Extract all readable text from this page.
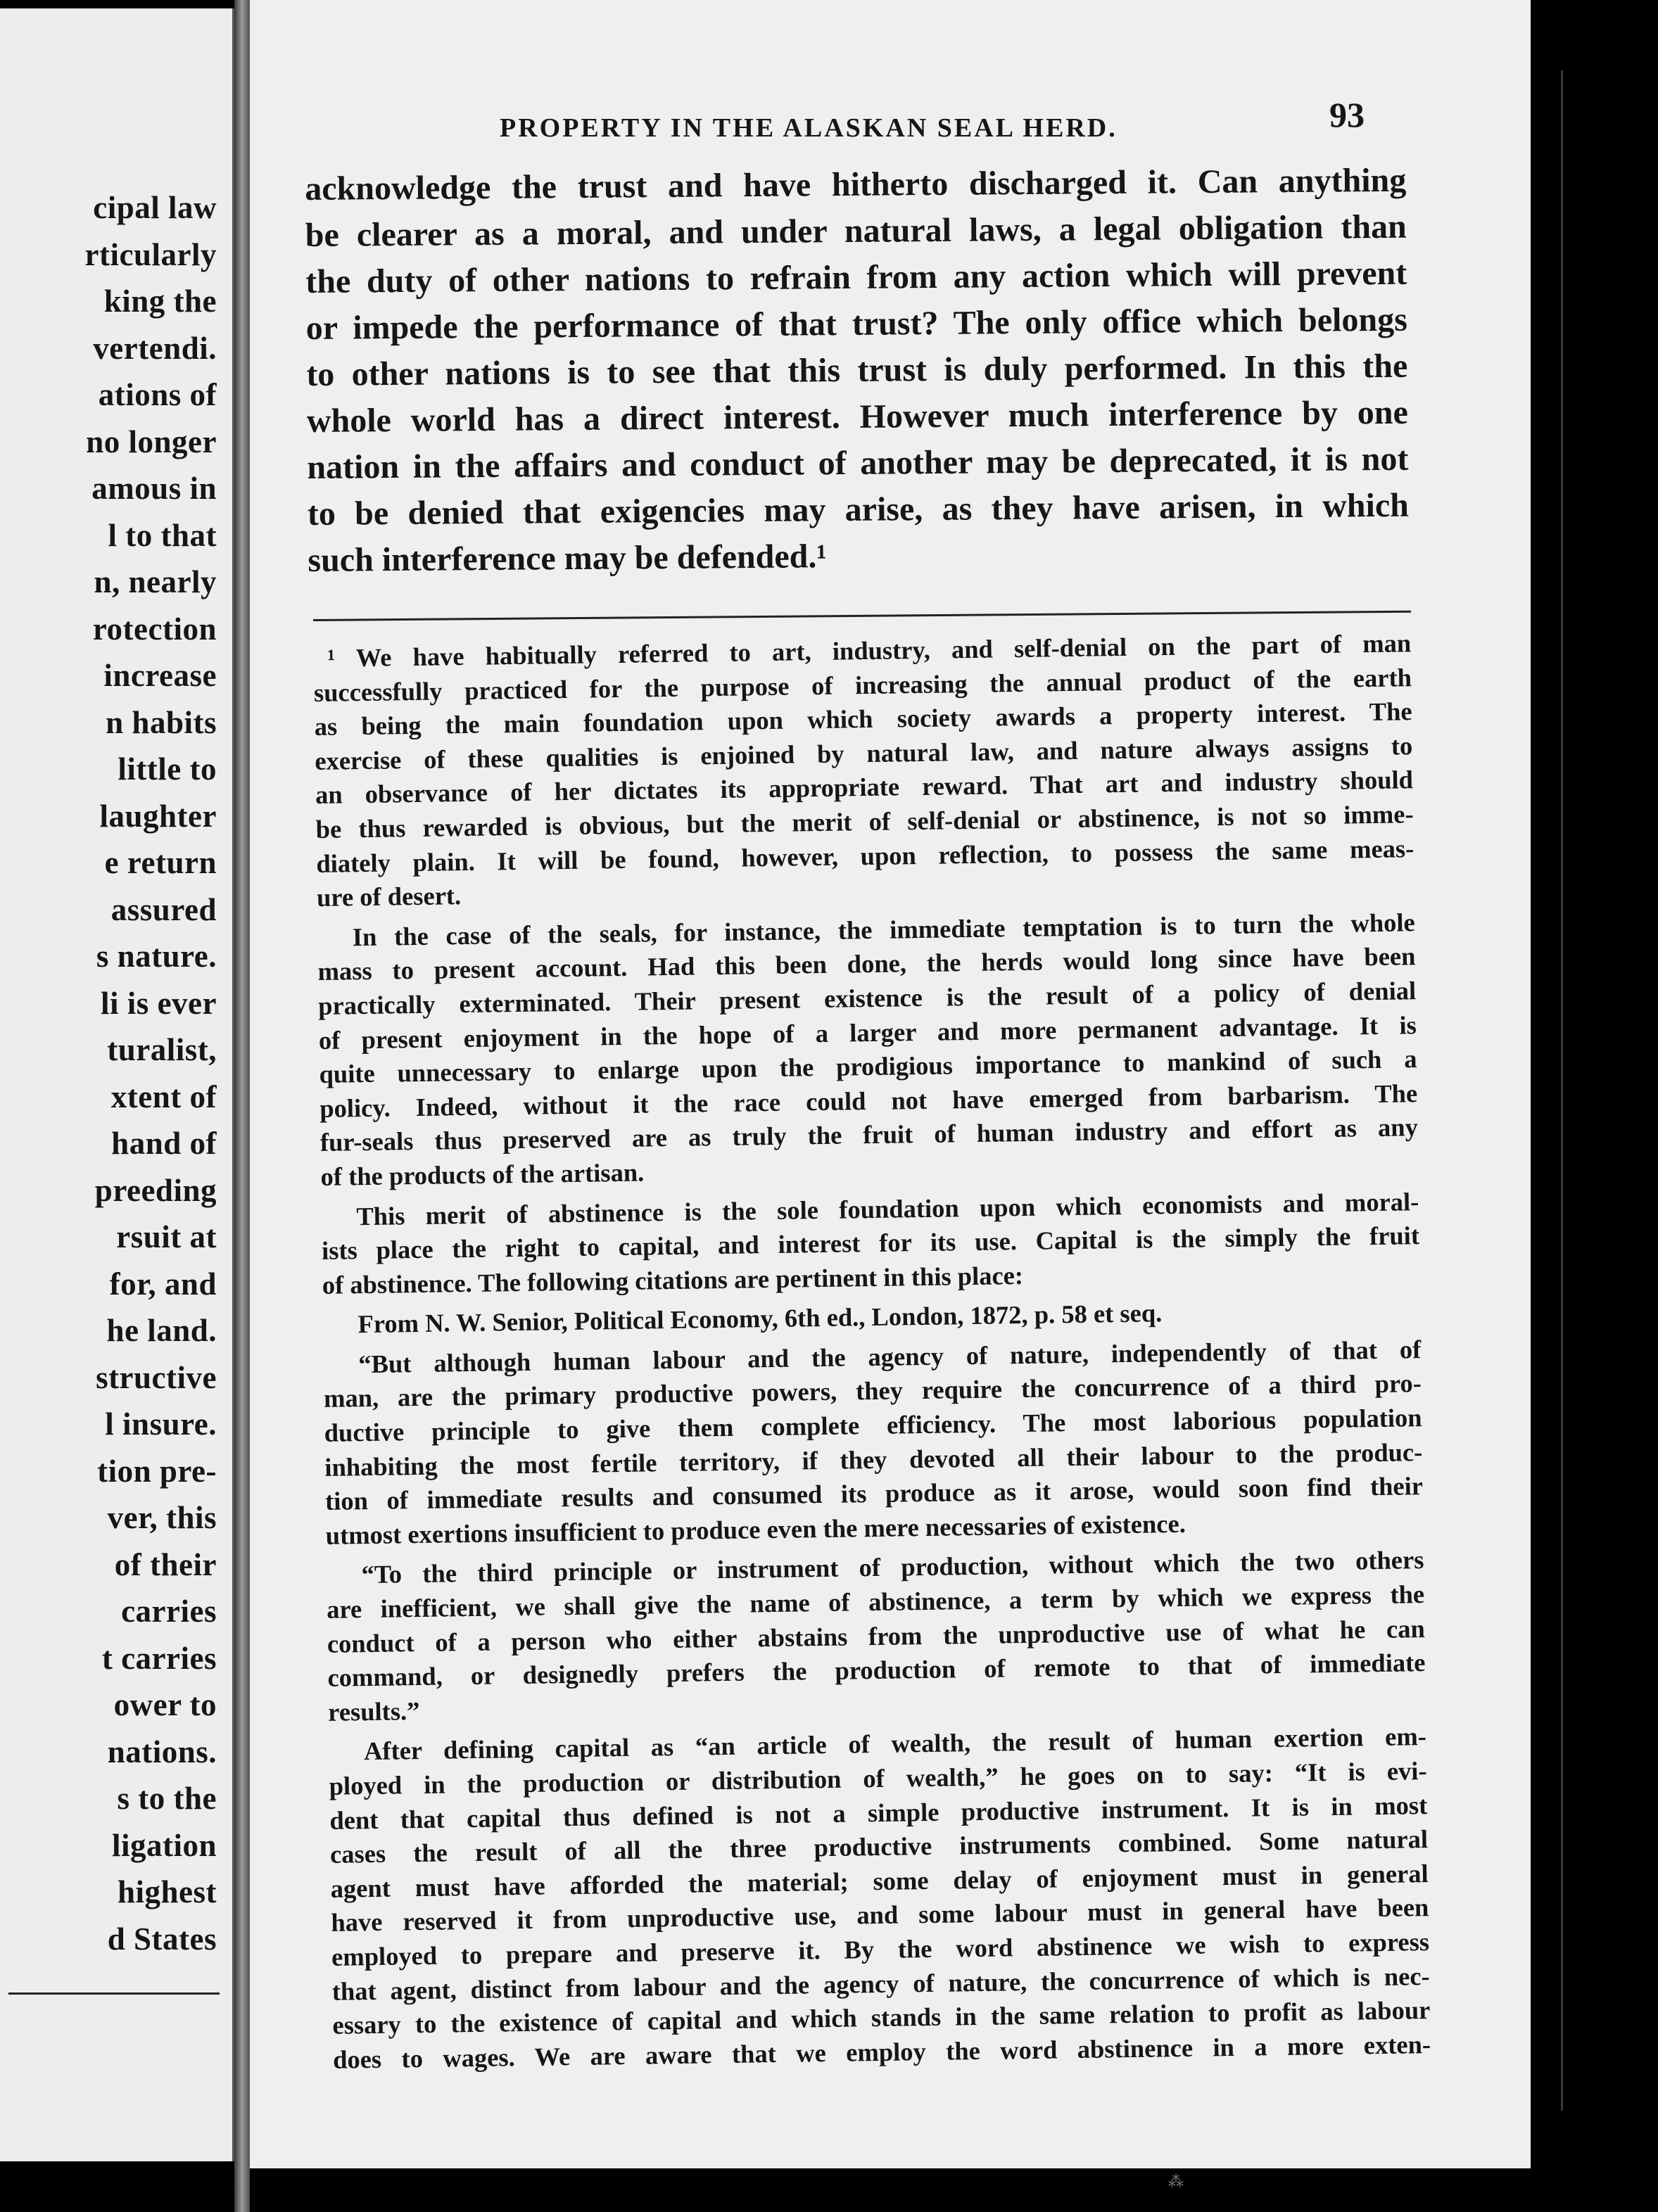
cipal law
rticularly
king the
vertendi.
ations of
no longer
amous in
l to that
n, nearly
rotection
increase
n habits
little to
laughter
e return
assured
s nature.
li is ever
turalist,
xtent of
hand of
preeding
rsuit at
for, and
he land.
structive
l insure.
tion pre-
ver, this
of their
carries
t carries
ower to
nations.
s to the
ligation
highest
d States
PROPERTY IN THE ALASKAN SEAL HERD.	93
acknowledge the trust and have hitherto discharged it. Can anything
be clearer as a moral, and under natural laws, a legal obligation than
the duty of other nations to refrain from any action which will prevent
or impede the performance of that trust? The only office which belongs
to other nations is to see that this trust is duly performed. In this the
whole world has a direct interest. However much interference by one
nation in the affairs and conduct of another may be deprecated, it is not
to be denied that exigencies may arise, as they have arisen, in which
such interference may be defended.¹
¹ We have habitually referred to art, industry, and self-denial on the part of man
successfully practiced for the purpose of increasing the annual product of the earth
as being the main foundation upon which society awards a property interest. The
exercise of these qualities is enjoined by natural law, and nature always assigns to
an observance of her dictates its appropriate reward. That art and industry should
be thus rewarded is obvious, but the merit of self-denial or abstinence, is not so imme-
diately plain. It will be found, however, upon reflection, to possess the same meas-
ure of desert.
In the case of the seals, for instance, the immediate temptation is to turn the whole
mass to present account. Had this been done, the herds would long since have been
practically exterminated. Their present existence is the result of a policy of denial
of present enjoyment in the hope of a larger and more permanent advantage. It is
quite unnecessary to enlarge upon the prodigious importance to mankind of such a
policy. Indeed, without it the race could not have emerged from barbarism. The
fur-seals thus preserved are as truly the fruit of human industry and effort as any
of the products of the artisan.
This merit of abstinence is the sole foundation upon which economists and moral-
ists place the right to capital, and interest for its use. Capital is the simply the fruit
of abstinence. The following citations are pertinent in this place:
From N. W. Senior, Political Economy, 6th ed., London, 1872, p. 58 et seq.
“But although human labour and the agency of nature, independently of that of
man, are the primary productive powers, they require the concurrence of a third pro-
ductive principle to give them complete efficiency. The most laborious population
inhabiting the most fertile territory, if they devoted all their labour to the produc-
tion of immediate results and consumed its produce as it arose, would soon find their
utmost exertions insufficient to produce even the mere necessaries of existence.
“To the third principle or instrument of production, without which the two others
are inefficient, we shall give the name of abstinence, a term by which we express the
conduct of a person who either abstains from the unproductive use of what he can
command, or designedly prefers the production of remote to that of immediate
results.”
After defining capital as “an article of wealth, the result of human exertion em-
ployed in the production or distribution of wealth,” he goes on to say: “It is evi-
dent that capital thus defined is not a simple productive instrument. It is in most
cases the result of all the three productive instruments combined. Some natural
agent must have afforded the material; some delay of enjoyment must in general
have reserved it from unproductive use, and some labour must in general have been
employed to prepare and preserve it. By the word abstinence we wish to express
that agent, distinct from labour and the agency of nature, the concurrence of which is nec-
essary to the existence of capital and which stands in the same relation to profit as labour
does to wages. We are aware that we employ the word abstinence in a more exten-
⁂
